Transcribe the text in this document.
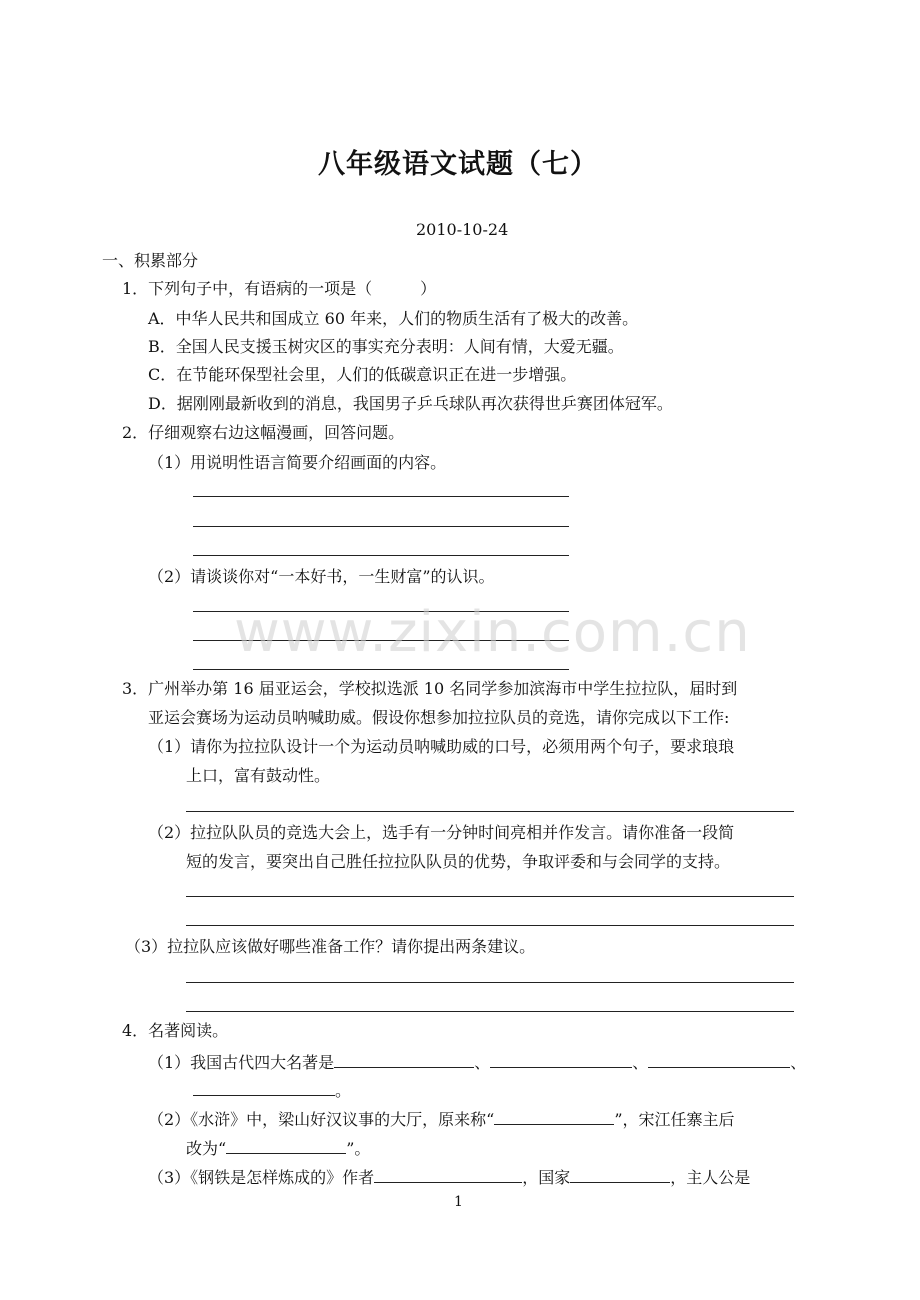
八年级语文试题（七）
2010-10-24
一、积累部分
1．下列句子中，有语病的一项是（　　　）
A．中华人民共和国成立 60 年来，人们的物质生活有了极大的改善。
B．全国人民支援玉树灾区的事实充分表明：人间有情，大爱无疆。
C．在节能环保型社会里，人们的低碳意识正在进一步增强。
D．据刚刚最新收到的消息，我国男子乒乓球队再次获得世乒赛团体冠军。
2．仔细观察右边这幅漫画，回答问题。
（1）用说明性语言简要介绍画面的内容。
（2）请谈谈你对“一本好书，一生财富”的认识。
3．广州举办第 16 届亚运会，学校拟选派 10 名同学参加滨海市中学生拉拉队，届时到
亚运会赛场为运动员呐喊助威。假设你想参加拉拉队员的竞选，请你完成以下工作:
（1）请你为拉拉队设计一个为运动员呐喊助威的口号，必须用两个句子，要求琅琅
上口，富有鼓动性。
（2）拉拉队队员的竞选大会上，选手有一分钟时间亮相并作发言。请你准备一段简
短的发言，要突出自己胜任拉拉队队员的优势，争取评委和与会同学的支持。
（3）拉拉队应该做好哪些准备工作？请你提出两条建议。
4．名著阅读。
（1）我国古代四大名著是	、	、	、
。
（2）《水浒》中，梁山好汉议事的大厅，原来称“	”，宋江任寨主后
改为“	”。
（3）《钢铁是怎样炼成的》作者	，国家	，主人公是
www.zixin.com.cn
1
